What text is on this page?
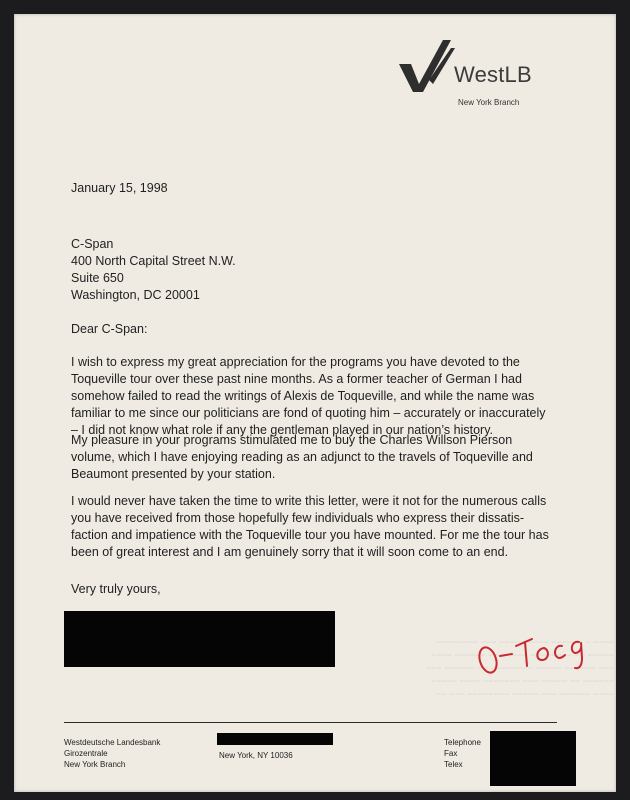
WestLB
New York Branch
January 15, 1998
C-Span
400 North Capital Street N.W.
Suite 650
Washington, DC 20001
Dear C-Span:
I wish to express my great appreciation for the programs you have devoted to the
Toqueville tour over these past nine months. As a former teacher of German I had
somehow failed to read the writings of Alexis de Toqueville, and while the name was
familiar to me since our politicians are fond of quoting him – accurately or inaccurately
– I did not know what role if any the gentleman played in our nation’s history.
My pleasure in your programs stimulated me to buy the Charles Willson Pierson
volume, which I have enjoying reading as an adjunct to the travels of Toqueville and
Beaumont presented by your station.
I would never have taken the time to write this letter, were it not for the numerous calls
you have received from those hopefully few individuals who express their dissatis-
faction and impatience with the Toqueville tour you have mounted. For me the tour has
been of great interest and I am genuinely sorry that it will soon come to an end.
Very truly yours,
~~~~ ~ ~~~~~~ ~~~~~ ~~~~ ~~~ ~~~~~~~~
~~~~~ ~~ ~~~~~~~~ ~~~ ~~~~ ~~~~~~ ~~~~
~~~ ~~~~~~ ~~~~~ ~~~~~~~~ ~~ ~~~~~~ ~~~
~~~~~~ ~~ ~~~~~ ~~~ ~~~~~~~ ~~~~ ~~~~~
~~~~ ~~~~~~ ~~~ ~~~~~ ~~~~~~~~ ~~~ ~~
Westdeutsche Landesbank
Girozentrale
New York Branch
New York, NY 10036
Telephone
Fax
Telex
